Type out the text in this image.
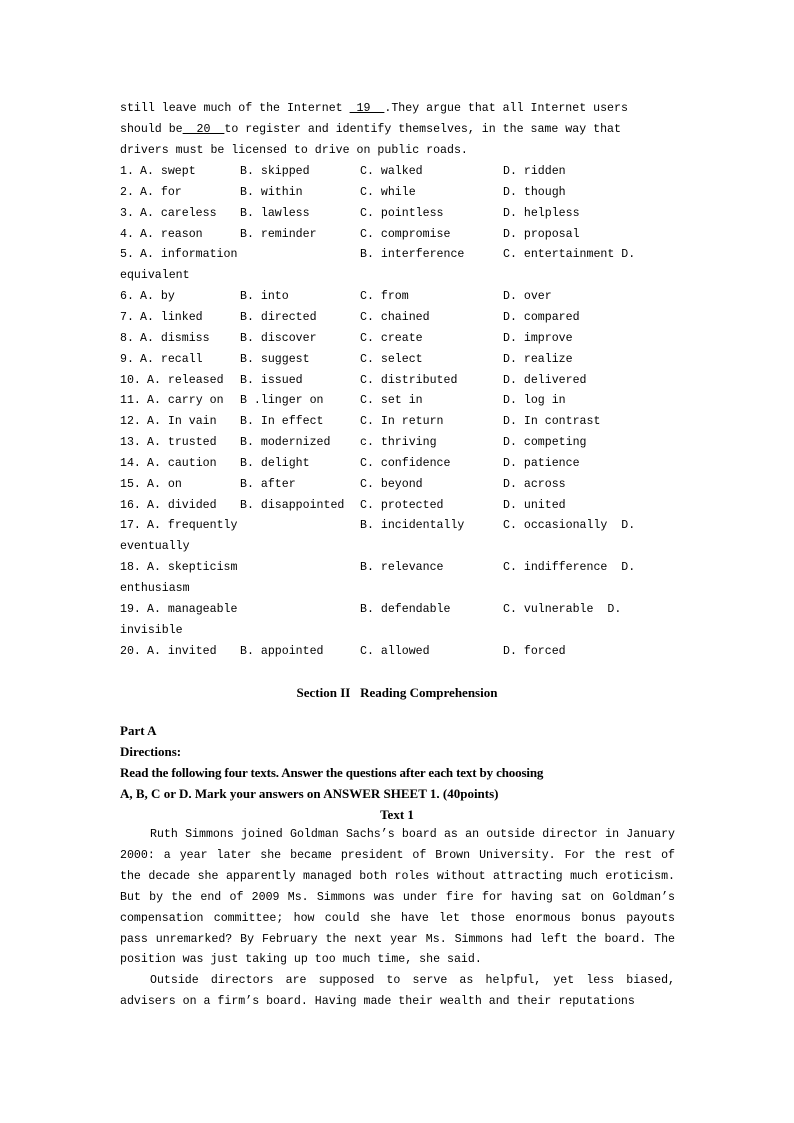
still leave much of the Internet  19  .They argue that all Internet users
should be  20  to register and identify themselves, in the same way that
drivers must be licensed to drive on public roads.
1. A. swept	B. skipped	C. walked	D. ridden
2. A. for	B. within	C. while	D. though
3. A. careless B. lawless	C. pointless	D. helpless
4. A. reason	B. reminder	C. compromise	D. proposal
5. A. information	B. interference	C. entertainment D.
equivalent
6. A. by	B. into	C. from	D. over
7. A. linked	B. directed	C. chained	D. compared
8. A. dismiss	B. discover	C. create	D. improve
9. A. recall	B. suggest	C. select	D. realize
10. A. released B. issued	C. distributed	D. delivered
11. A. carry on B .linger on	C. set in	D. log in
12. A. In vain B. In effect	C. In return	D. In contrast
13. A. trusted B. modernized	c. thriving	D. competing
14. A. caution B. delight	C. confidence	D. patience
15. A. on	B. after	C. beyond	D. across
16. A. divided B. disappointed C. protected	D. united
17. A. frequently	B. incidentally	C. occasionally  D.
eventually
18. A. skepticism	B. relevance	C. indifference  D.
enthusiasm
19. A. manageable	B. defendable	C. vulnerable  D.
invisible
20. A. invited B. appointed	C. allowed	D. forced
Section II   Reading Comprehension
Part A
Directions:
Read the following four texts. Answer the questions after each text by choosing
A, B, C or D. Mark your answers on ANSWER SHEET 1. (40points)
Text 1
Ruth Simmons joined Goldman Sachs’s board as an outside director in January 2000: a year later she became president of Brown University. For the rest of the decade she apparently managed both roles without attracting much eroticism. But by the end of 2009 Ms. Simmons was under fire for having sat on Goldman’s compensation committee; how could she have let those enormous bonus payouts pass unremarked? By February the next year Ms. Simmons had left the board. The position was just taking up too much time, she said.
Outside directors are supposed to serve as helpful, yet less biased, advisers on a firm’s board. Having made their wealth and their reputations
